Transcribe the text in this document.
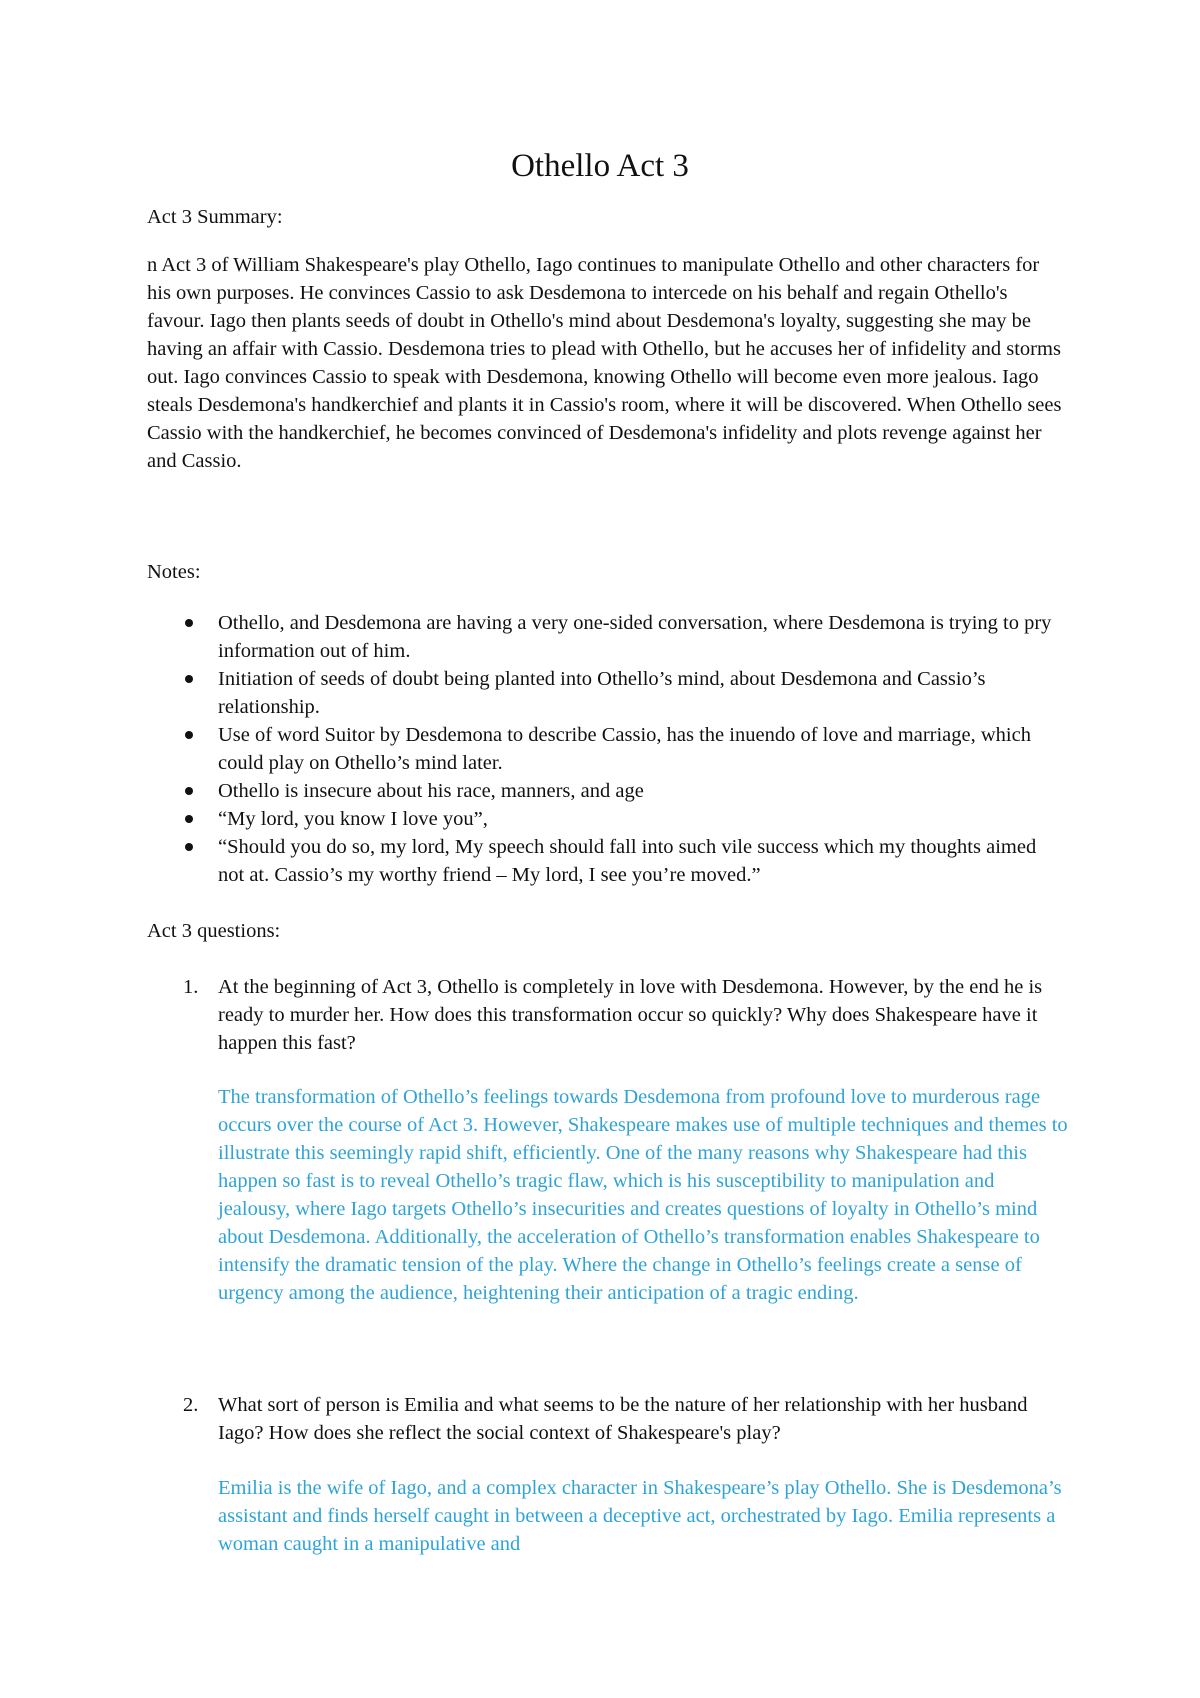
Othello Act 3

Act 3 Summary:

n Act 3 of William Shakespeare's play Othello, Iago continues to manipulate Othello and other characters for his own purposes. He convinces Cassio to ask Desdemona to intercede on his behalf and regain Othello's favour. Iago then plants seeds of doubt in Othello's mind about Desdemona's loyalty, suggesting she may be having an affair with Cassio. Desdemona tries to plead with Othello, but he accuses her of infidelity and storms out. Iago convinces Cassio to speak with Desdemona, knowing Othello will become even more jealous. Iago steals Desdemona's handkerchief and plants it in Cassio's room, where it will be discovered. When Othello sees Cassio with the handkerchief, he becomes convinced of Desdemona's infidelity and plots revenge against her and Cassio.

Notes:

Othello, and Desdemona are having a very one-sided conversation, where Desdemona is trying to pry information out of him.
Initiation of seeds of doubt being planted into Othello’s mind, about Desdemona and Cassio’s relationship.
Use of word Suitor by Desdemona to describe Cassio, has the inuendo of love and marriage, which could play on Othello’s mind later.
Othello is insecure about his race, manners, and age
“My lord, you know I love you”,
“Should you do so, my lord, My speech should fall into such vile success which my thoughts aimed not at. Cassio’s my worthy friend – My lord, I see you’re moved.”

Act 3 questions:

1. At the beginning of Act 3, Othello is completely in love with Desdemona. However, by the end he is ready to murder her. How does this transformation occur so quickly? Why does Shakespeare have it happen this fast?

The transformation of Othello’s feelings towards Desdemona from profound love to murderous rage occurs over the course of Act 3. However, Shakespeare makes use of multiple techniques and themes to illustrate this seemingly rapid shift, efficiently. One of the many reasons why Shakespeare had this happen so fast is to reveal Othello’s tragic flaw, which is his susceptibility to manipulation and jealousy, where Iago targets Othello’s insecurities and creates questions of loyalty in Othello’s mind about Desdemona. Additionally, the acceleration of Othello’s transformation enables Shakespeare to intensify the dramatic tension of the play. Where the change in Othello’s feelings create a sense of urgency among the audience, heightening their anticipation of a tragic ending.

2. What sort of person is Emilia and what seems to be the nature of her relationship with her husband Iago? How does she reflect the social context of Shakespeare's play?

Emilia is the wife of Iago, and a complex character in Shakespeare’s play Othello. She is Desdemona’s assistant and finds herself caught in between a deceptive act, orchestrated by Iago. Emilia represents a woman caught in a manipulative and
